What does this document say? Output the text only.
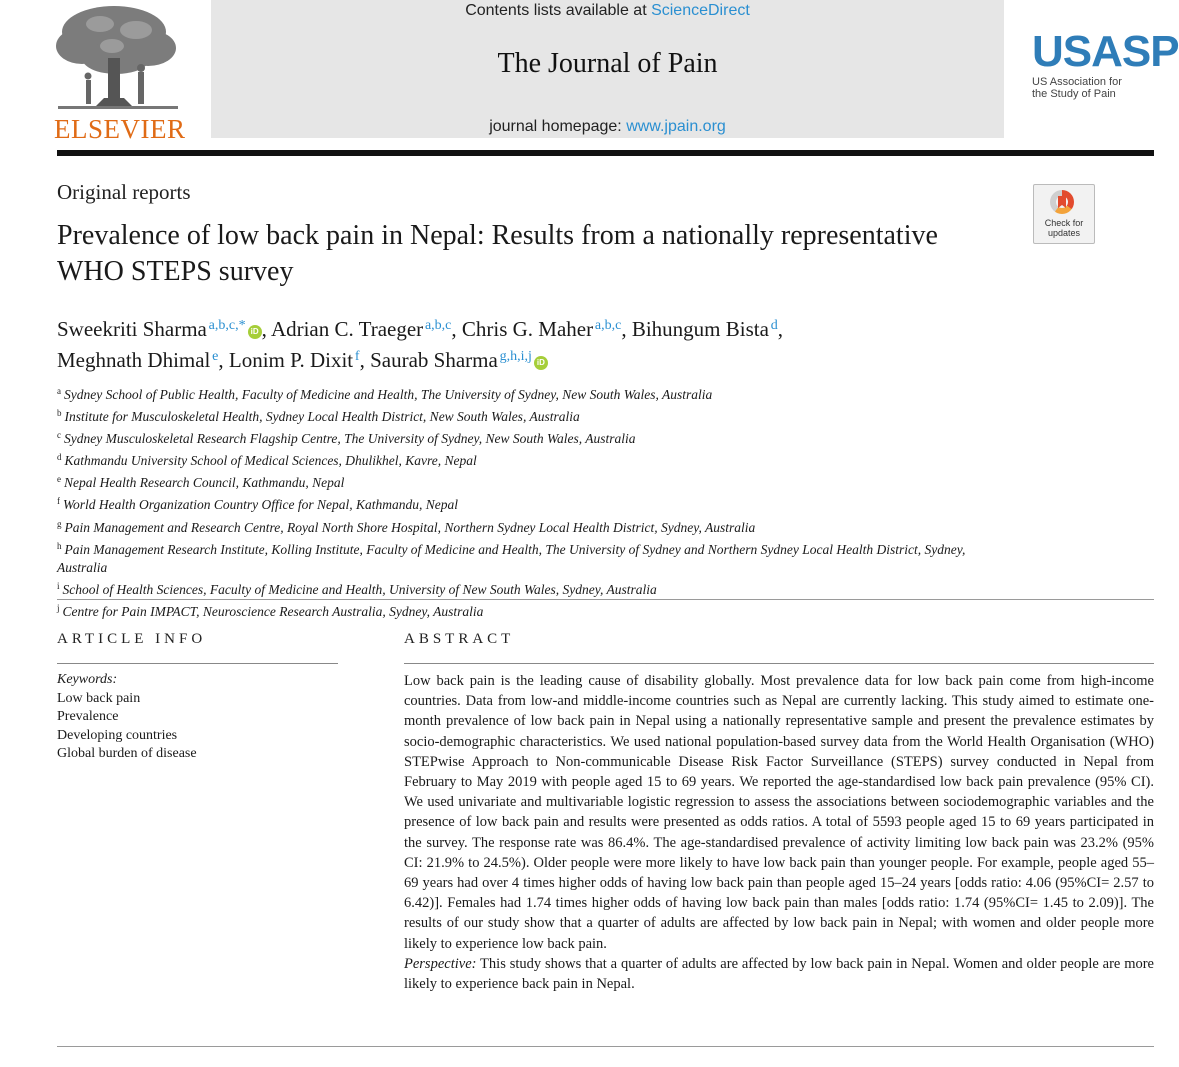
ELSEVIER
Contents lists available at ScienceDirect
The Journal of Pain
journal homepage: www.jpain.org
USASP
US Association for
the Study of Pain
Original reports
Prevalence of low back pain in Nepal: Results from a nationally representative WHO STEPS survey
Check for
updates
Sweekriti Sharma  $^{a,b,c,*}$ iD , Adrian C. Traeger  $^{a,b,c}$, Chris G. Maher  $^{a,b,c}$, Bihungum Bista  $^d$,
Meghnath Dhimal  $^e$, Lonim P. Dixit  $^f$, Saurab Sharma  $^{g,h,i,j}$ iD
$^a$ Sydney School of Public Health, Faculty of Medicine and Health, The University of Sydney, New South Wales, Australia
$^b$ Institute for Musculoskeletal Health, Sydney Local Health District, New South Wales, Australia
$^c$ Sydney Musculoskeletal Research Flagship Centre, The University of Sydney, New South Wales, Australia
$^d$ Kathmandu University School of Medical Sciences, Dhulikhel, Kavre, Nepal
$^e$ Nepal Health Research Council, Kathmandu, Nepal
$^f$ World Health Organization Country Office for Nepal, Kathmandu, Nepal
$^g$ Pain Management and Research Centre, Royal North Shore Hospital, Northern Sydney Local Health District, Sydney, Australia
$^h$ Pain Management Research Institute, Kolling Institute, Faculty of Medicine and Health, The University of Sydney and Northern Sydney Local Health District, Sydney, Australia
$^i$ School of Health Sciences, Faculty of Medicine and Health, University of New South Wales, Sydney, Australia
$^j$ Centre for Pain IMPACT, Neuroscience Research Australia, Sydney, Australia
ARTICLE INFO
Keywords:
Low back pain
Prevalence
Developing countries
Global burden of disease
ABSTRACT
Low back pain is the leading cause of disability globally. Most prevalence data for low back pain come from high-income countries. Data from low-and middle-income countries such as Nepal are currently lacking. This study aimed to estimate one-month prevalence of low back pain in Nepal using a nationally representative sample and present the prevalence estimates by socio-demographic characteristics. We used national population-based survey data from the World Health Organisation (WHO) STEPwise Approach to Non-communicable Disease Risk Factor Surveillance (STEPS) survey conducted in Nepal from February to May 2019 with people aged 15 to 69 years. We reported the age-standardised low back pain prevalence (95% CI). We used univariate and multivariable logistic regression to assess the associations between sociodemographic variables and the presence of low back pain and results were presented as odds ratios. A total of 5593 people aged 15 to 69 years participated in the survey. The response rate was 86.4%. The age-standardised prevalence of activity limiting low back pain was 23.2% (95% CI: 21.9% to 24.5%). Older people were more likely to have low back pain than younger people. For example, people aged 55–69 years had over 4 times higher odds of having low back pain than people aged 15–24 years [odds ratio: 4.06 (95%CI= 2.57 to 6.42)]. Females had 1.74 times higher odds of having low back pain than males [odds ratio: 1.74 (95%CI= 1.45 to 2.09)]. The results of our study show that a quarter of adults are affected by low back pain in Nepal; with women and older people more likely to experience low back pain.
Perspective: This study shows that a quarter of adults are affected by low back pain in Nepal. Women and older people are more likely to experience back pain in Nepal.
